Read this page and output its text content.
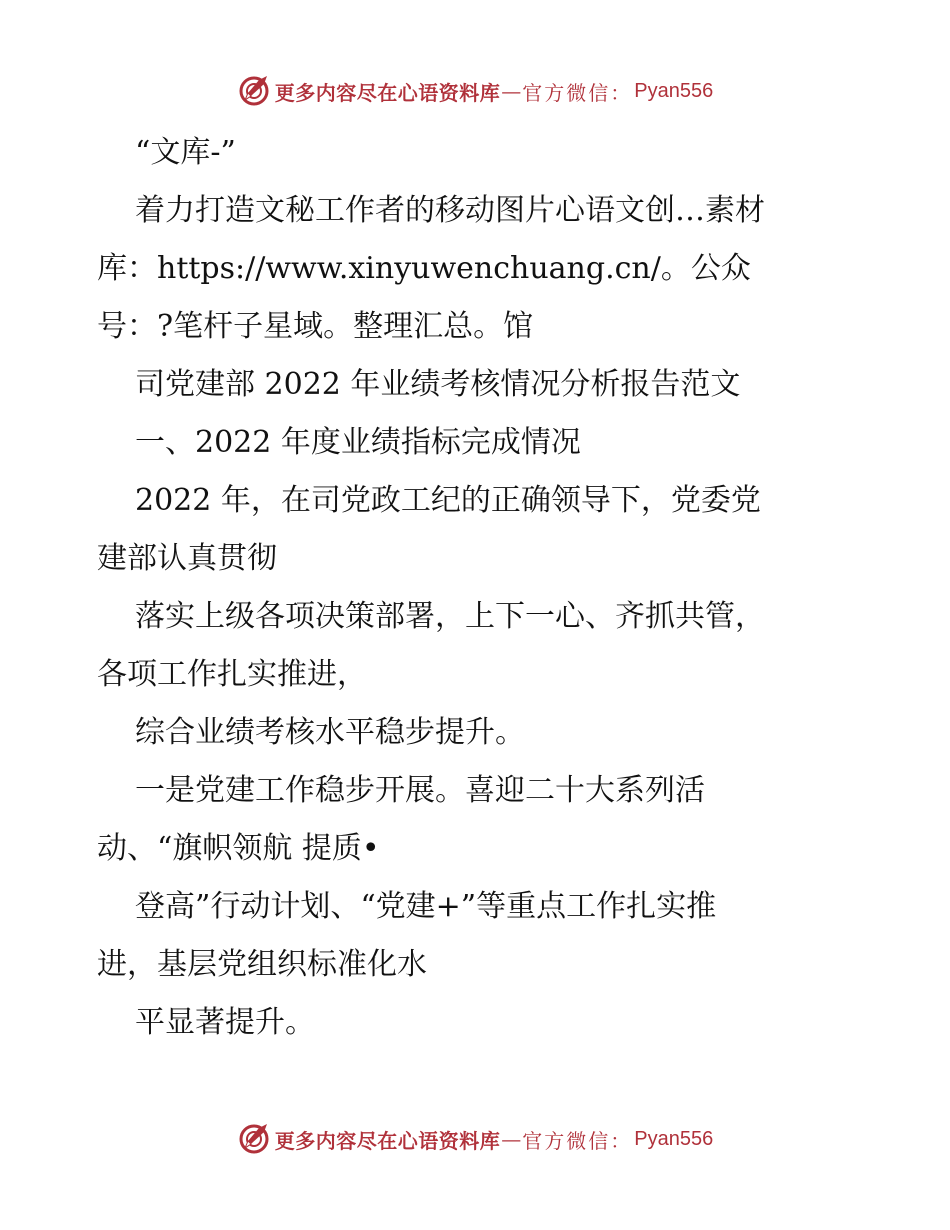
更多内容尽在心语资料库 — 官方微信： Pyan556
“文库-”
着力打造文秘工作者的移动图片心语文创…素材
库：https://www.xinyuwenchuang.cn/。公众
号：?笔杆子星域。整理汇总。馆
司党建部 2022 年业绩考核情况分析报告范文
一、2022 年度业绩指标完成情况
2022 年，在司党政工纪的正确领导下，党委党
建部认真贯彻
落实上级各项决策部署，上下一心、齐抓共管，
各项工作扎实推进，
综合业绩考核水平稳步提升。
一是党建工作稳步开展。喜迎二十大系列活
动、“旗帜领航 提质•
登高”行动计划、“党建+”等重点工作扎实推
进，基层党组织标准化水
平显著提升。
更多内容尽在心语资料库 — 官方微信： Pyan556
